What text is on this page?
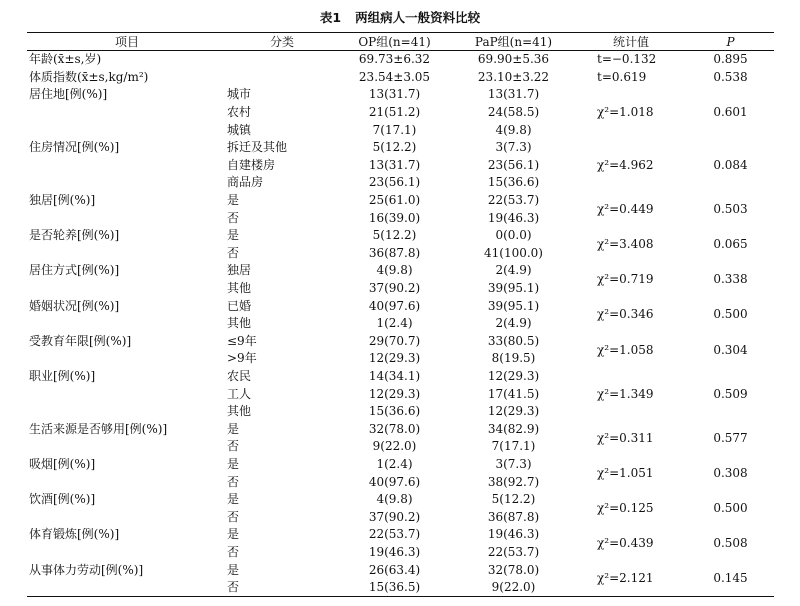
表1 两组病人一般资料比较
项目	分类	OP组(n=41)	PaP组(n=41)	统计值	P
年龄(x̄±s,岁)		69.73±6.32	69.90±5.36	t=−0.132	0.895
体质指数(x̄±s,kg/m²)		23.54±3.05	23.10±3.22	t=0.619	0.538
居住地[例(%)]	城市	13(31.7)	13(31.7)	χ²=1.018	0.601
	农村	21(51.2)	24(58.5)		
	城镇	7(17.1)	4(9.8)		
住房情况[例(%)]	拆迁及其他	5(12.2)	3(7.3)	χ²=4.962	0.084
	自建楼房	13(31.7)	23(56.1)		
	商品房	23(56.1)	15(36.6)		
独居[例(%)]	是	25(61.0)	22(53.7)	χ²=0.449	0.503
	否	16(39.0)	19(46.3)		
是否轮养[例(%)]	是	5(12.2)	0(0.0)	χ²=3.408	0.065
	否	36(87.8)	41(100.0)		
居住方式[例(%)]	独居	4(9.8)	2(4.9)	χ²=0.719	0.338
	其他	37(90.2)	39(95.1)		
婚姻状况[例(%)]	已婚	40(97.6)	39(95.1)	χ²=0.346	0.500
	其他	1(2.4)	2(4.9)		
受教育年限[例(%)]	≤9年	29(70.7)	33(80.5)	χ²=1.058	0.304
	>9年	12(29.3)	8(19.5)		
职业[例(%)]	农民	14(34.1)	12(29.3)	χ²=1.349	0.509
	工人	12(29.3)	17(41.5)		
	其他	15(36.6)	12(29.3)		
生活来源是否够用[例(%)]	是	32(78.0)	34(82.9)	χ²=0.311	0.577
	否	9(22.0)	7(17.1)		
吸烟[例(%)]	是	1(2.4)	3(7.3)	χ²=1.051	0.308
	否	40(97.6)	38(92.7)		
饮酒[例(%)]	是	4(9.8)	5(12.2)	χ²=0.125	0.500
	否	37(90.2)	36(87.8)		
体育锻炼[例(%)]	是	22(53.7)	19(46.3)	χ²=0.439	0.508
	否	19(46.3)	22(53.7)		
从事体力劳动[例(%)]	是	26(63.4)	32(78.0)	χ²=2.121	0.145
	否	15(36.5)	9(22.0)		
